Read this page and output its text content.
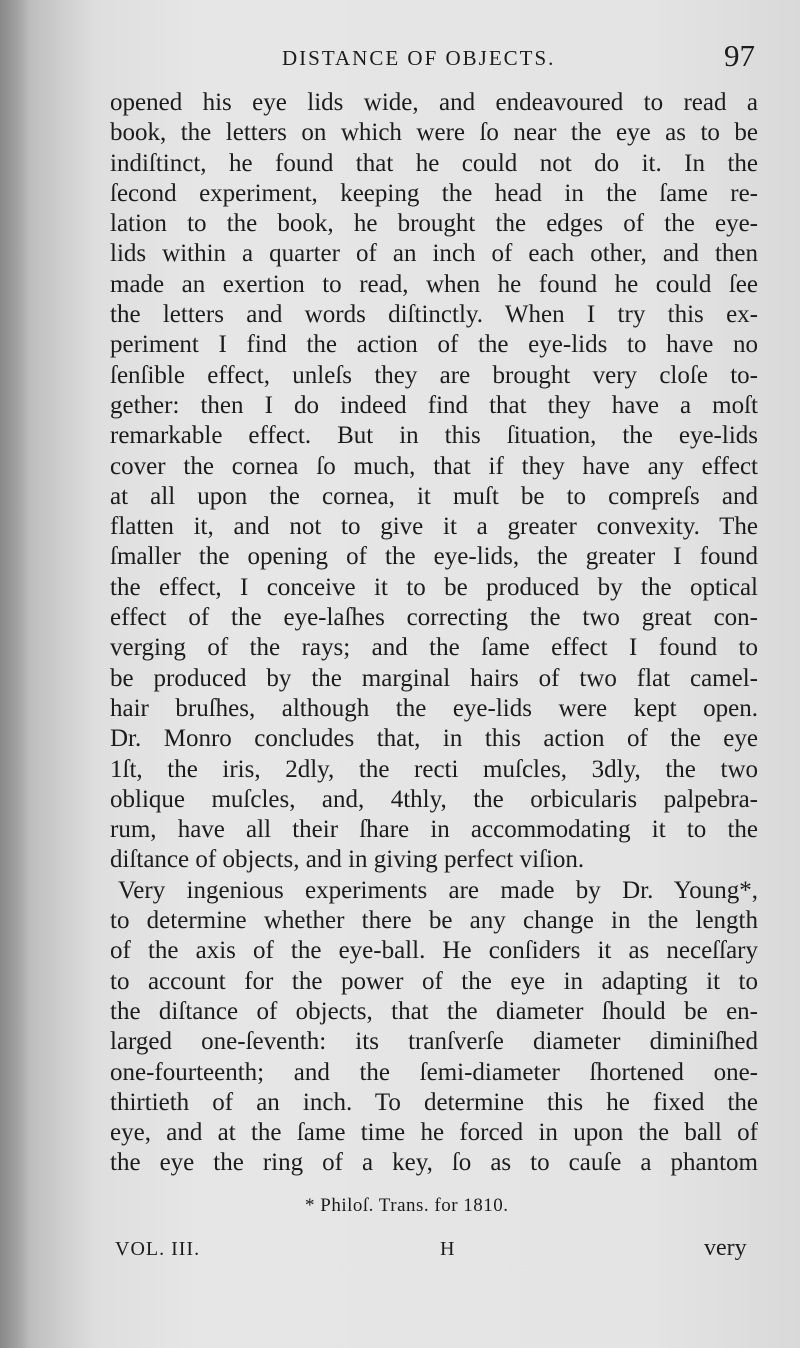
DISTANCE OF OBJECTS.	97
opened his eye lids wide, and endeavoured to read a
book, the letters on which were ſo near the eye as to be
indiſtinct, he found that he could not do it. In the
ſecond experiment, keeping the head in the ſame re-
lation to the book, he brought the edges of the eye-
lids within a quarter of an inch of each other, and then
made an exertion to read, when he found he could ſee
the letters and words diſtinctly. When I try this ex-
periment I find the action of the eye-lids to have no
ſenſible effect, unleſs they are brought very cloſe to-
gether: then I do indeed find that they have a moſt
remarkable effect. But in this ſituation, the eye-lids
cover the cornea ſo much, that if they have any effect
at all upon the cornea, it muſt be to compreſs and
flatten it, and not to give it a greater convexity. The
ſmaller the opening of the eye-lids, the greater I found
the effect, I conceive it to be produced by the optical
effect of the eye-laſhes correcting the two great con-
verging of the rays; and the ſame effect I found to
be produced by the marginal hairs of two flat camel-
hair bruſhes, although the eye-lids were kept open.
Dr. Monro concludes that, in this action of the eye
1ſt, the iris, 2dly, the recti muſcles, 3dly, the two
oblique muſcles, and, 4thly, the orbicularis palpebra-
rum, have all their ſhare in accommodating it to the
diſtance of objects, and in giving perfect viſion.
Very ingenious experiments are made by Dr. Young*,
to determine whether there be any change in the length
of the axis of the eye-ball. He conſiders it as neceſſary
to account for the power of the eye in adapting it to
the diſtance of objects, that the diameter ſhould be en-
larged one-ſeventh: its tranſverſe diameter diminiſhed
one-fourteenth; and the ſemi-diameter ſhortened one-
thirtieth of an inch. To determine this he fixed the
eye, and at the ſame time he forced in upon the ball of
the eye the ring of a key, ſo as to cauſe a phantom
* Philoſ. Trans. for 1810.
VOL. III.	H	very
